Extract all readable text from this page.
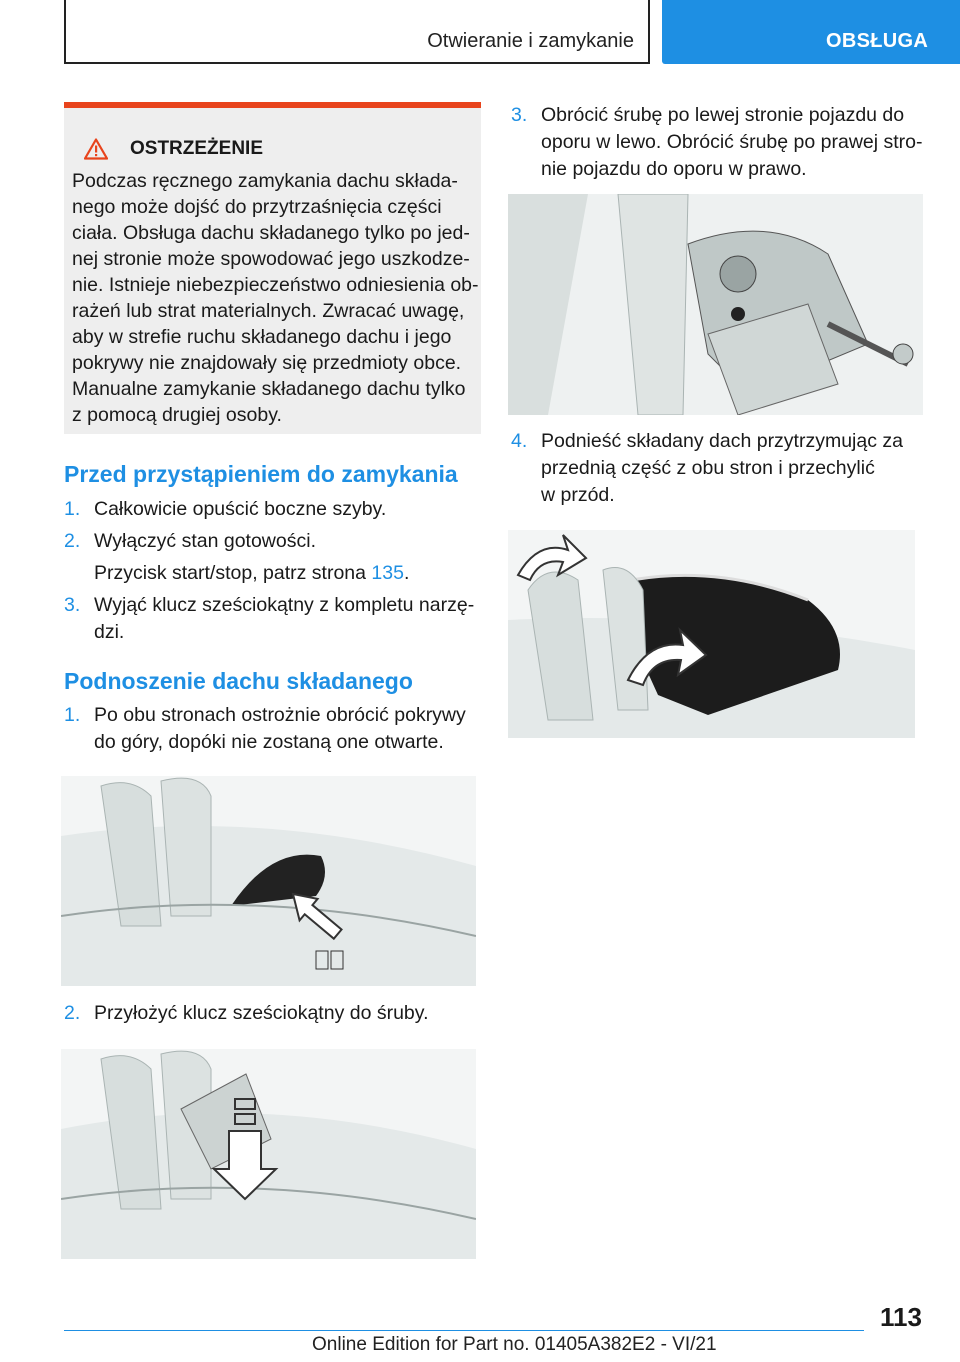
Otwieranie i zamykanie	OBSŁUGA
OSTRZEŻENIE
Podczas ręcznego zamykania dachu składa‐
nego może dojść do przytrzaśnięcia części
ciała. Obsługa dachu składanego tylko po jed‐
nej stronie może spowodować jego uszkodze‐
nie. Istnieje niebezpieczeństwo odniesienia ob‐
rażeń lub strat materialnych. Zwracać uwagę,
aby w strefie ruchu składanego dachu i jego
pokrywy nie znajdowały się przedmioty obce.
Manualne zamykanie składanego dachu tylko
z pomocą drugiej osoby.
Przed przystąpieniem do zamykania
1. Całkowicie opuścić boczne szyby.
2. Wyłączyć stan gotowości.
Przycisk start/stop, patrz strona 135.
3. Wyjąć klucz sześciokątny z kompletu narzę‐
dzi.
Podnoszenie dachu składanego
1. Po obu stronach ostrożnie obrócić pokrywy
do góry, dopóki nie zostaną one otwarte.
2. Przyłożyć klucz sześciokątny do śruby.
3. Obrócić śrubę po lewej stronie pojazdu do
oporu w lewo. Obrócić śrubę po prawej stro‐
nie pojazdu do oporu w prawo.
4. Podnieść składany dach przytrzymując za
przednią część z obu stron i przechylić
w przód.
113
Online Edition for Part no. 01405A382E2 - VI/21
